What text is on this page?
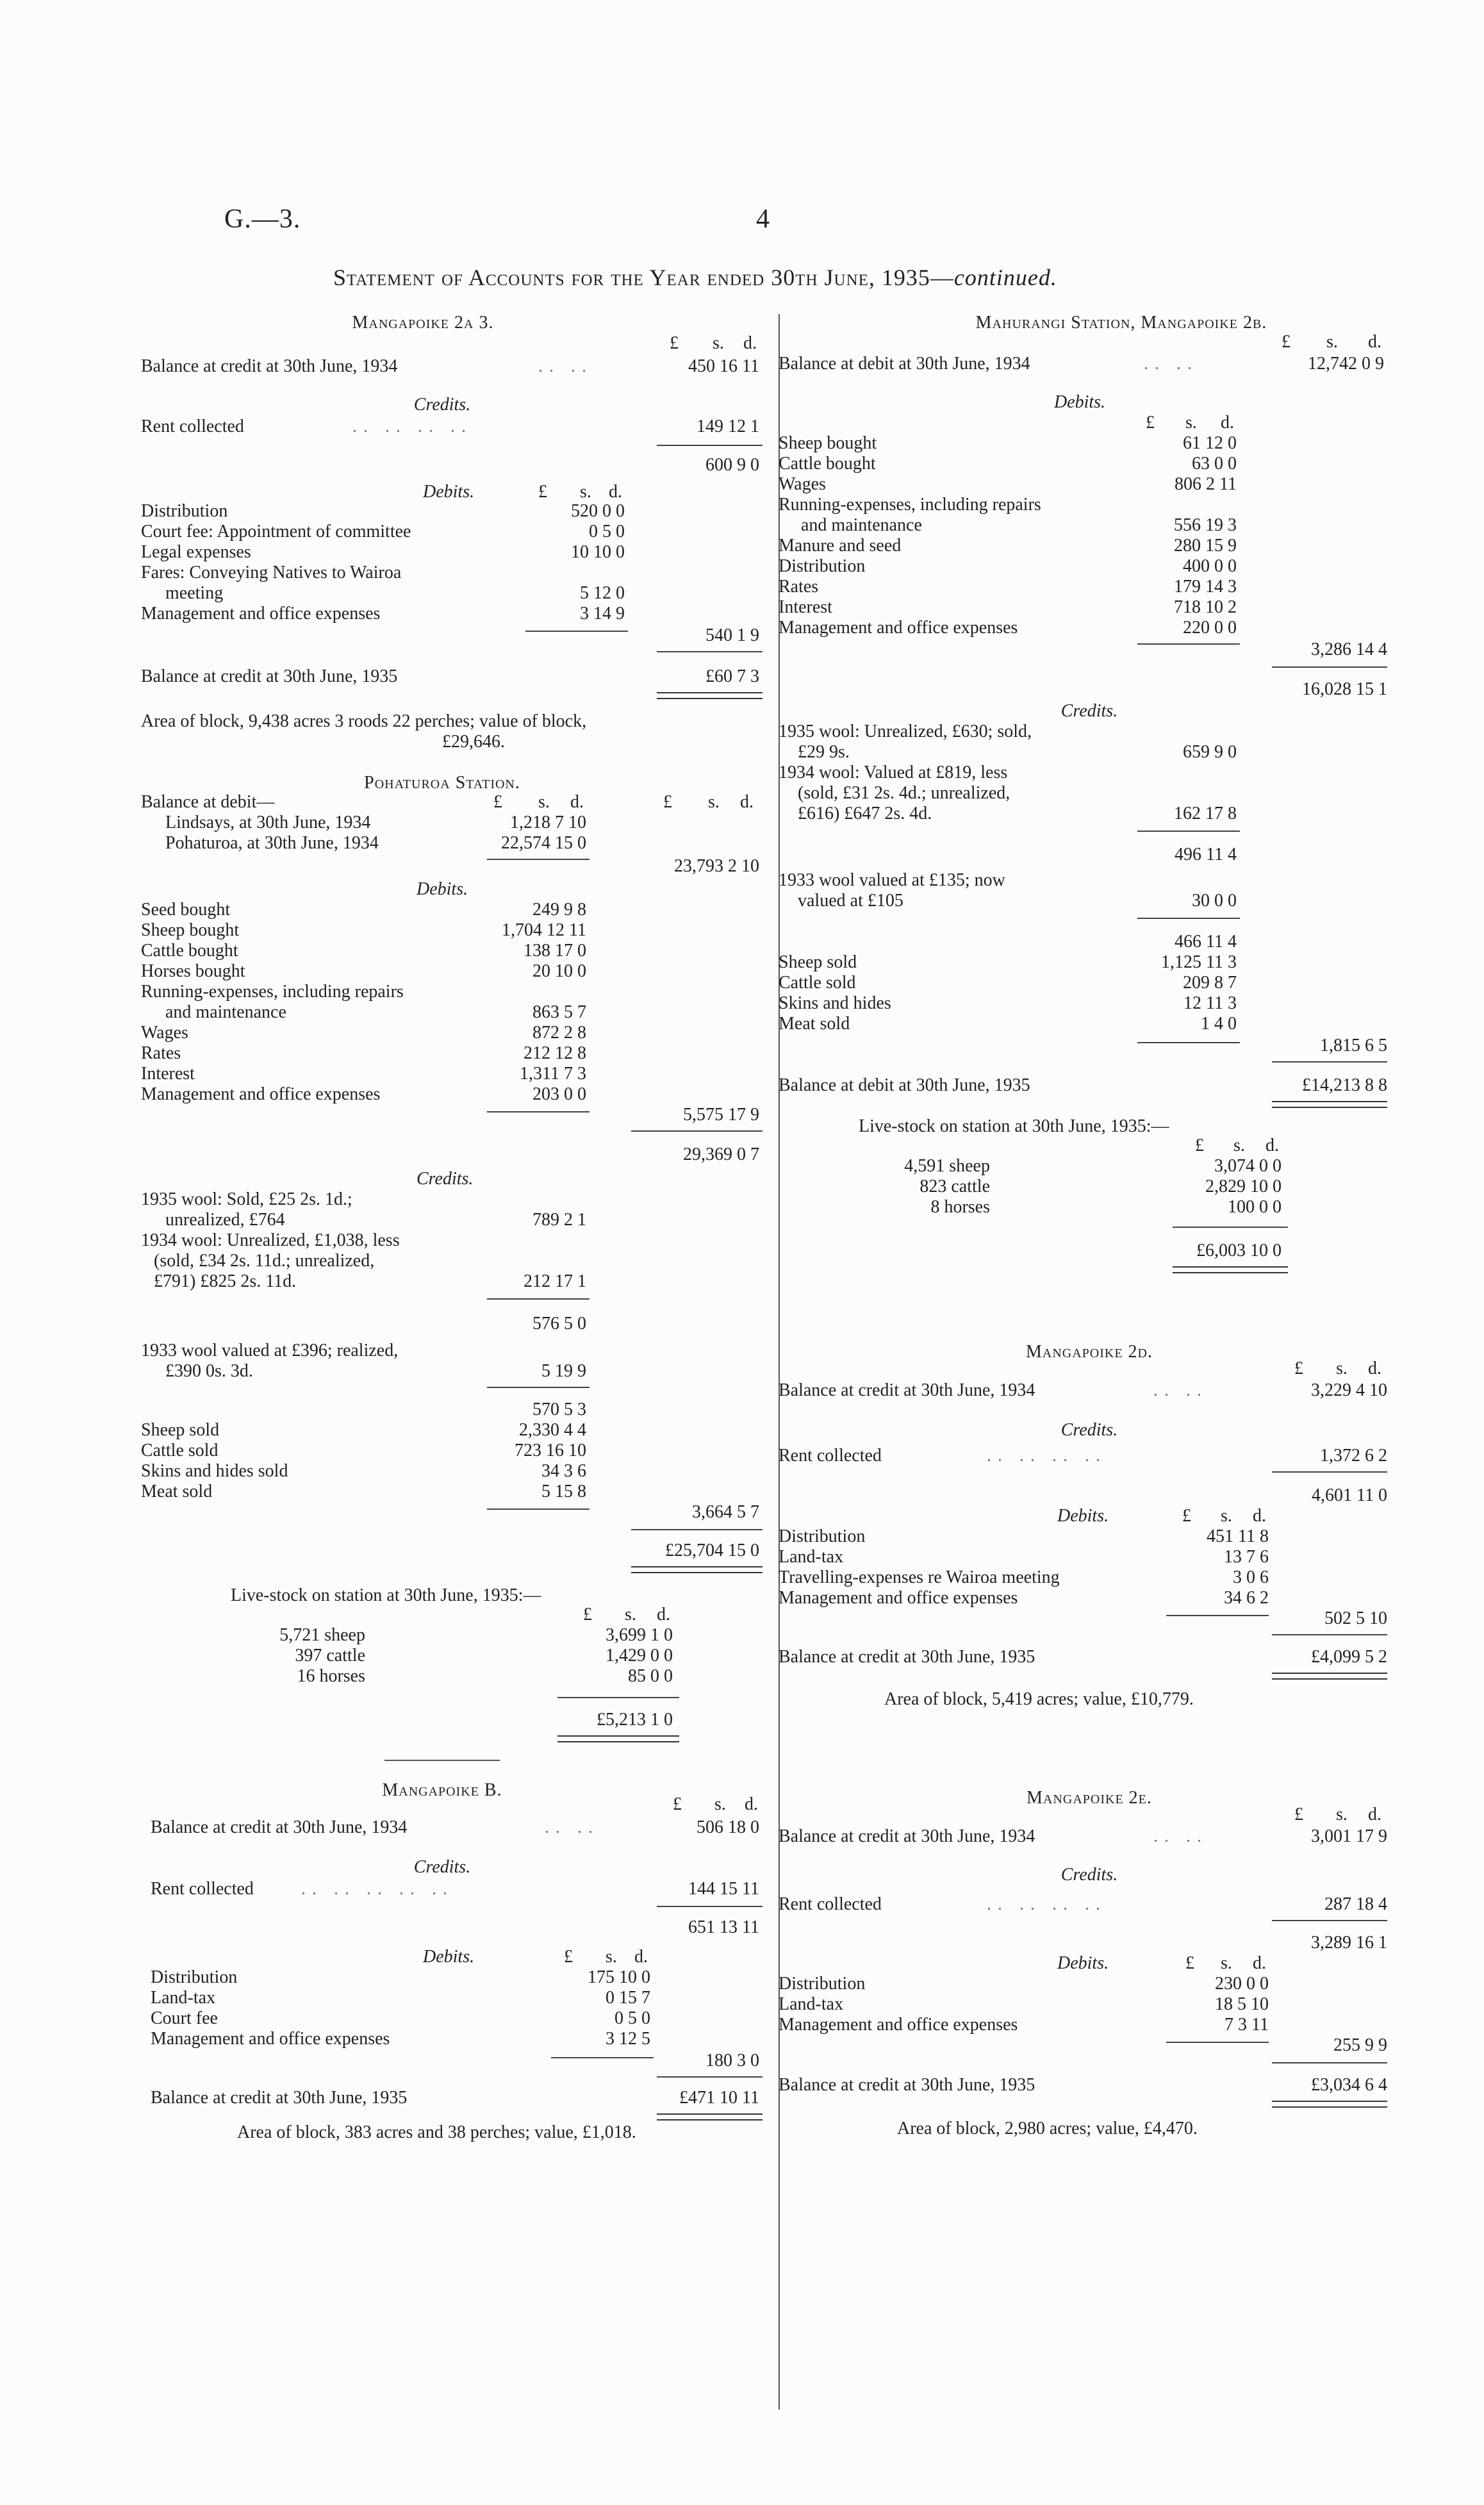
G.—3.	4
Statement of Accounts for the Year ended 30th June, 1935—continued.
Mangapoike 2a 3.
£ s. d.
Balance at credit at 30th June, 1934	.. ..	450 16 11
Credits.
Rent collected	.. .. .. ..	149 12 1
600 9 0
Debits.	£ s. d.
Distribution	520 0 0
Court fee: Appointment of committee	0 5 0
Legal expenses	10 10 0
Fares: Conveying Natives to Wairoa
meeting	5 12 0
Management and office expenses	3 14 9
540 1 9
Balance at credit at 30th June, 1935	£60 7 3
Area of block, 9,438 acres 3 roods 22 perches; value of block,
£29,646.
Pohaturoa Station.
Balance at debit—	£ s. d.	£ s. d.
Lindsays, at 30th June, 1934	1,218 7 10
Pohaturoa, at 30th June, 1934	22,574 15 0
23,793 2 10
Debits.
Seed bought	249 9 8
Sheep bought	1,704 12 11
Cattle bought	138 17 0
Horses bought	20 10 0
Running-expenses, including repairs
and maintenance	863 5 7
Wages	872 2 8
Rates	212 12 8
Interest	1,311 7 3
Management and office expenses	203 0 0
5,575 17 9
29,369 0 7
Credits.
1935 wool: Sold, £25 2s. 1d.;
unrealized, £764	789 2 1
1934 wool: Unrealized, £1,038, less
(sold, £34 2s. 11d.; unrealized,
£791) £825 2s. 11d.	212 17 1
576 5 0
1933 wool valued at £396; realized,
£390 0s. 3d.	5 19 9
570 5 3
Sheep sold	2,330 4 4
Cattle sold	723 16 10
Skins and hides sold	34 3 6
Meat sold	5 15 8
3,664 5 7
£25,704 15 0
Live-stock on station at 30th June, 1935:—
£ s. d.
5,721 sheep	3,699 1 0
397 cattle	1,429 0 0
16 horses	85 0 0
£5,213 1 0
Mangapoike B.
£ s. d.
Balance at credit at 30th June, 1934	.. ..	506 18 0
Credits.
Rent collected	.. .. .. .. ..	144 15 11
651 13 11
Debits.	£ s. d.
Distribution	175 10 0
Land-tax	0 15 7
Court fee	0 5 0
Management and office expenses	3 12 5
180 3 0
Balance at credit at 30th June, 1935	£471 10 11
Area of block, 383 acres and 38 perches; value, £1,018.
Mahurangi Station, Mangapoike 2b.
£ s. d.
Balance at debit at 30th June, 1934	.. ..	12,742 0 9
Debits.
£ s. d.
Sheep bought	61 12 0
Cattle bought	63 0 0
Wages	806 2 11
Running-expenses, including repairs
and maintenance	556 19 3
Manure and seed	280 15 9
Distribution	400 0 0
Rates	179 14 3
Interest	718 10 2
Management and office expenses	220 0 0
3,286 14 4
16,028 15 1
Credits.
1935 wool: Unrealized, £630; sold,
£29 9s.	659 9 0
1934 wool: Valued at £819, less
(sold, £31 2s. 4d.; unrealized,
£616) £647 2s. 4d.	162 17 8
496 11 4
1933 wool valued at £135; now
valued at £105	30 0 0
466 11 4
Sheep sold	1,125 11 3
Cattle sold	209 8 7
Skins and hides	12 11 3
Meat sold	1 4 0
1,815 6 5
Balance at debit at 30th June, 1935	£14,213 8 8
Live-stock on station at 30th June, 1935:—
£ s. d.
4,591 sheep	3,074 0 0
823 cattle	2,829 10 0
8 horses	100 0 0
£6,003 10 0
Mangapoike 2d.
£ s. d.
Balance at credit at 30th June, 1934	.. ..	3,229 4 10
Credits.
Rent collected	.. .. .. ..	1,372 6 2
4,601 11 0
Debits.	£ s. d.
Distribution	451 11 8
Land-tax	13 7 6
Travelling-expenses re Wairoa meeting	3 0 6
Management and office expenses	34 6 2
502 5 10
Balance at credit at 30th June, 1935	£4,099 5 2
Area of block, 5,419 acres; value, £10,779.
Mangapoike 2e.
£ s. d.
Balance at credit at 30th June, 1934	.. ..	3,001 17 9
Credits.
Rent collected	.. .. .. ..	287 18 4
3,289 16 1
Debits.	£ s. d.
Distribution	230 0 0
Land-tax	18 5 10
Management and office expenses	7 3 11
255 9 9
Balance at credit at 30th June, 1935	£3,034 6 4
Area of block, 2,980 acres; value, £4,470.
